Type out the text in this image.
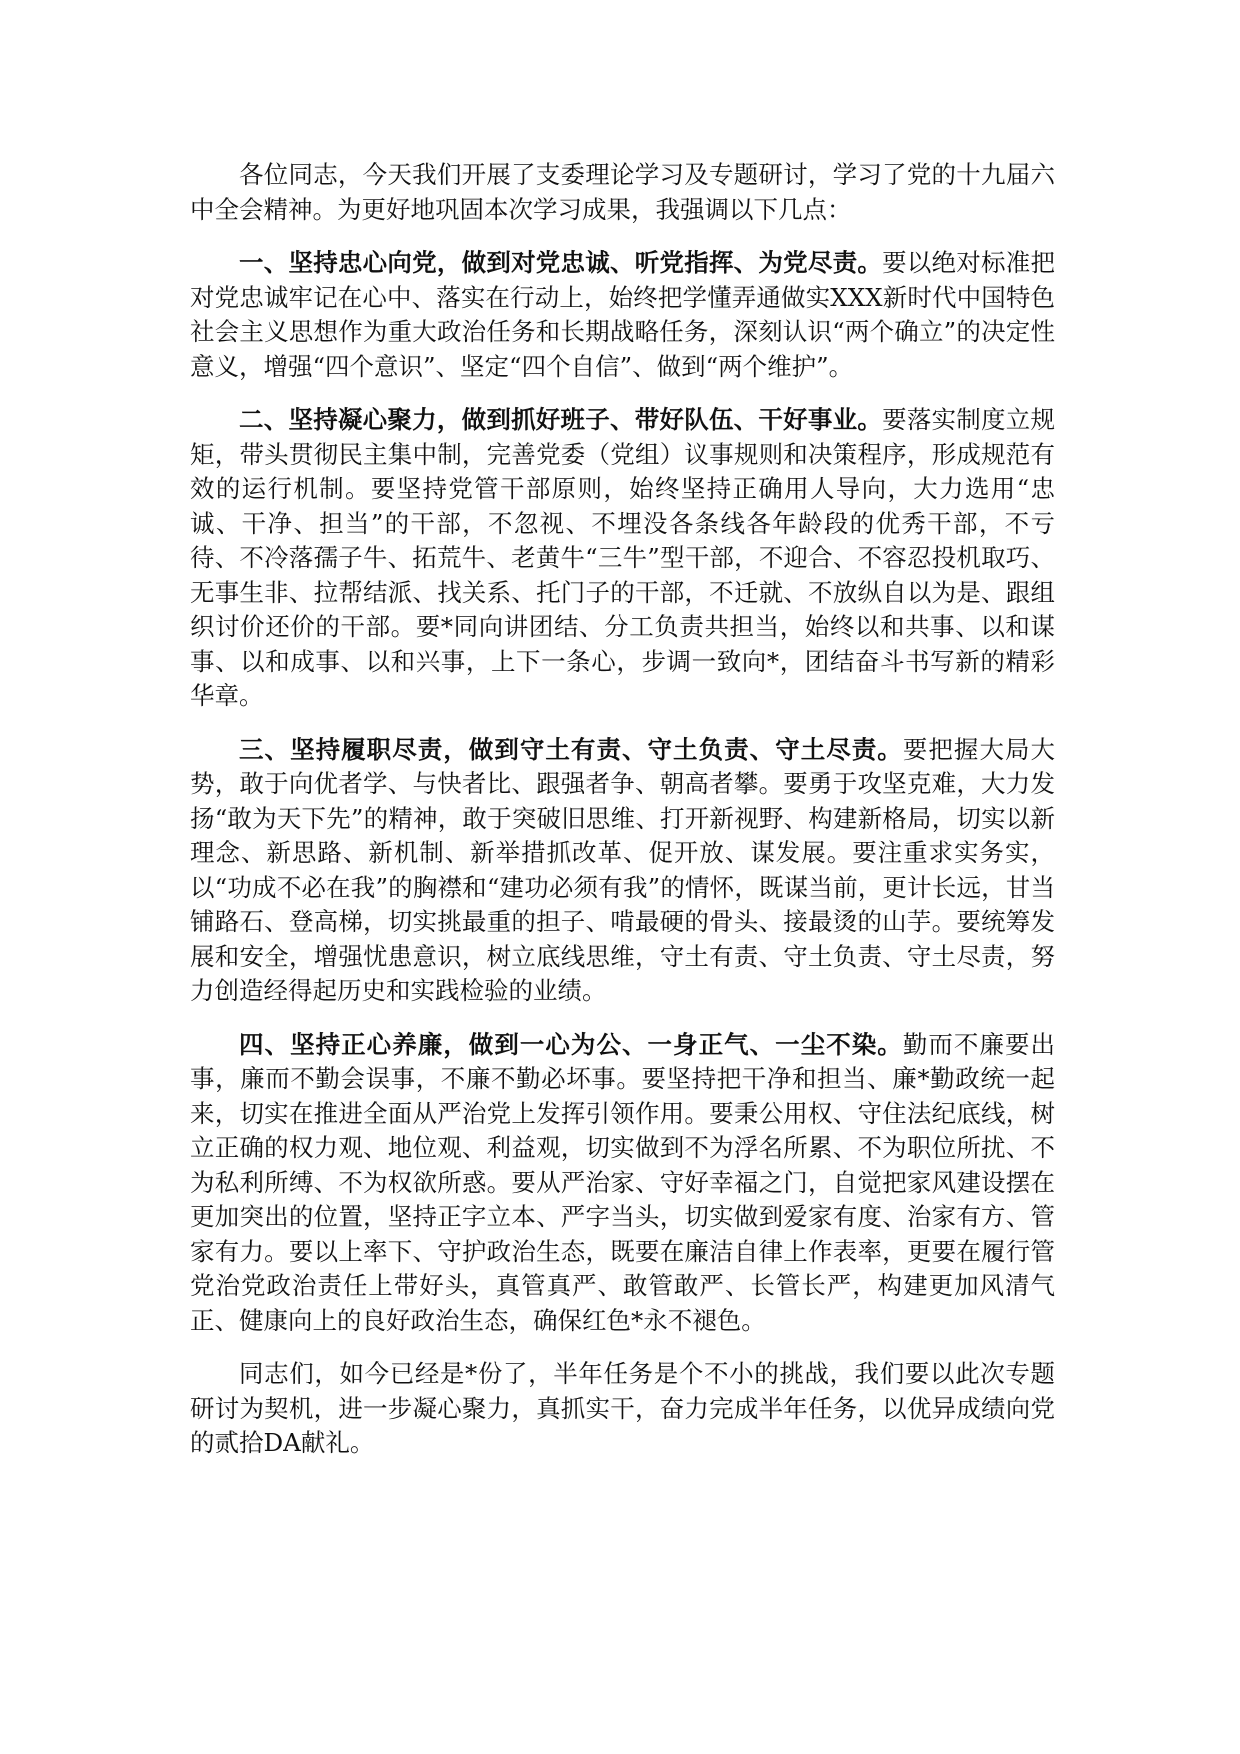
各位同志，今天我们开展了支委理论学习及专题研讨，学习了党的十九届六中全会精神。为更好地巩固本次学习成果，我强调以下几点：

一、坚持忠心向党，做到对党忠诚、听党指挥、为党尽责。要以绝对标准把对党忠诚牢记在心中、落实在行动上，始终把学懂弄通做实XXX新时代中国特色社会主义思想作为重大政治任务和长期战略任务，深刻认识“两个确立”的决定性意义，增强“四个意识”、坚定“四个自信”、做到“两个维护”。

二、坚持凝心聚力，做到抓好班子、带好队伍、干好事业。要落实制度立规矩，带头贯彻民主集中制，完善党委（党组）议事规则和决策程序，形成规范有效的运行机制。要坚持党管干部原则，始终坚持正确用人导向，大力选用“忠诚、干净、担当”的干部，不忽视、不埋没各条线各年龄段的优秀干部，不亏待、不冷落孺子牛、拓荒牛、老黄牛“三牛”型干部，不迎合、不容忍投机取巧、无事生非、拉帮结派、找关系、托门子的干部，不迁就、不放纵自以为是、跟组织讨价还价的干部。要*同向讲团结、分工负责共担当，始终以和共事、以和谋事、以和成事、以和兴事，上下一条心，步调一致向*，团结奋斗书写新的精彩华章。

三、坚持履职尽责，做到守土有责、守土负责、守土尽责。要把握大局大势，敢于向优者学、与快者比、跟强者争、朝高者攀。要勇于攻坚克难，大力发扬“敢为天下先”的精神，敢于突破旧思维、打开新视野、构建新格局，切实以新理念、新思路、新机制、新举措抓改革、促开放、谋发展。要注重求实务实，以“功成不必在我”的胸襟和“建功必须有我”的情怀，既谋当前，更计长远，甘当铺路石、登高梯，切实挑最重的担子、啃最硬的骨头、接最烫的山芋。要统筹发展和安全，增强忧患意识，树立底线思维，守土有责、守土负责、守土尽责，努力创造经得起历史和实践检验的业绩。

四、坚持正心养廉，做到一心为公、一身正气、一尘不染。勤而不廉要出事，廉而不勤会误事，不廉不勤必坏事。要坚持把干净和担当、廉*勤政统一起来，切实在推进全面从严治党上发挥引领作用。要秉公用权、守住法纪底线，树立正确的权力观、地位观、利益观，切实做到不为浮名所累、不为职位所扰、不为私利所缚、不为权欲所惑。要从严治家、守好幸福之门，自觉把家风建设摆在更加突出的位置，坚持正字立本、严字当头，切实做到爱家有度、治家有方、管家有力。要以上率下、守护政治生态，既要在廉洁自律上作表率，更要在履行管党治党政治责任上带好头，真管真严、敢管敢严、长管长严，构建更加风清气正、健康向上的良好政治生态，确保红色*永不褪色。

同志们，如今已经是*份了，半年任务是个不小的挑战，我们要以此次专题研讨为契机，进一步凝心聚力，真抓实干，奋力完成半年任务，以优异成绩向党的贰拾DA献礼。
